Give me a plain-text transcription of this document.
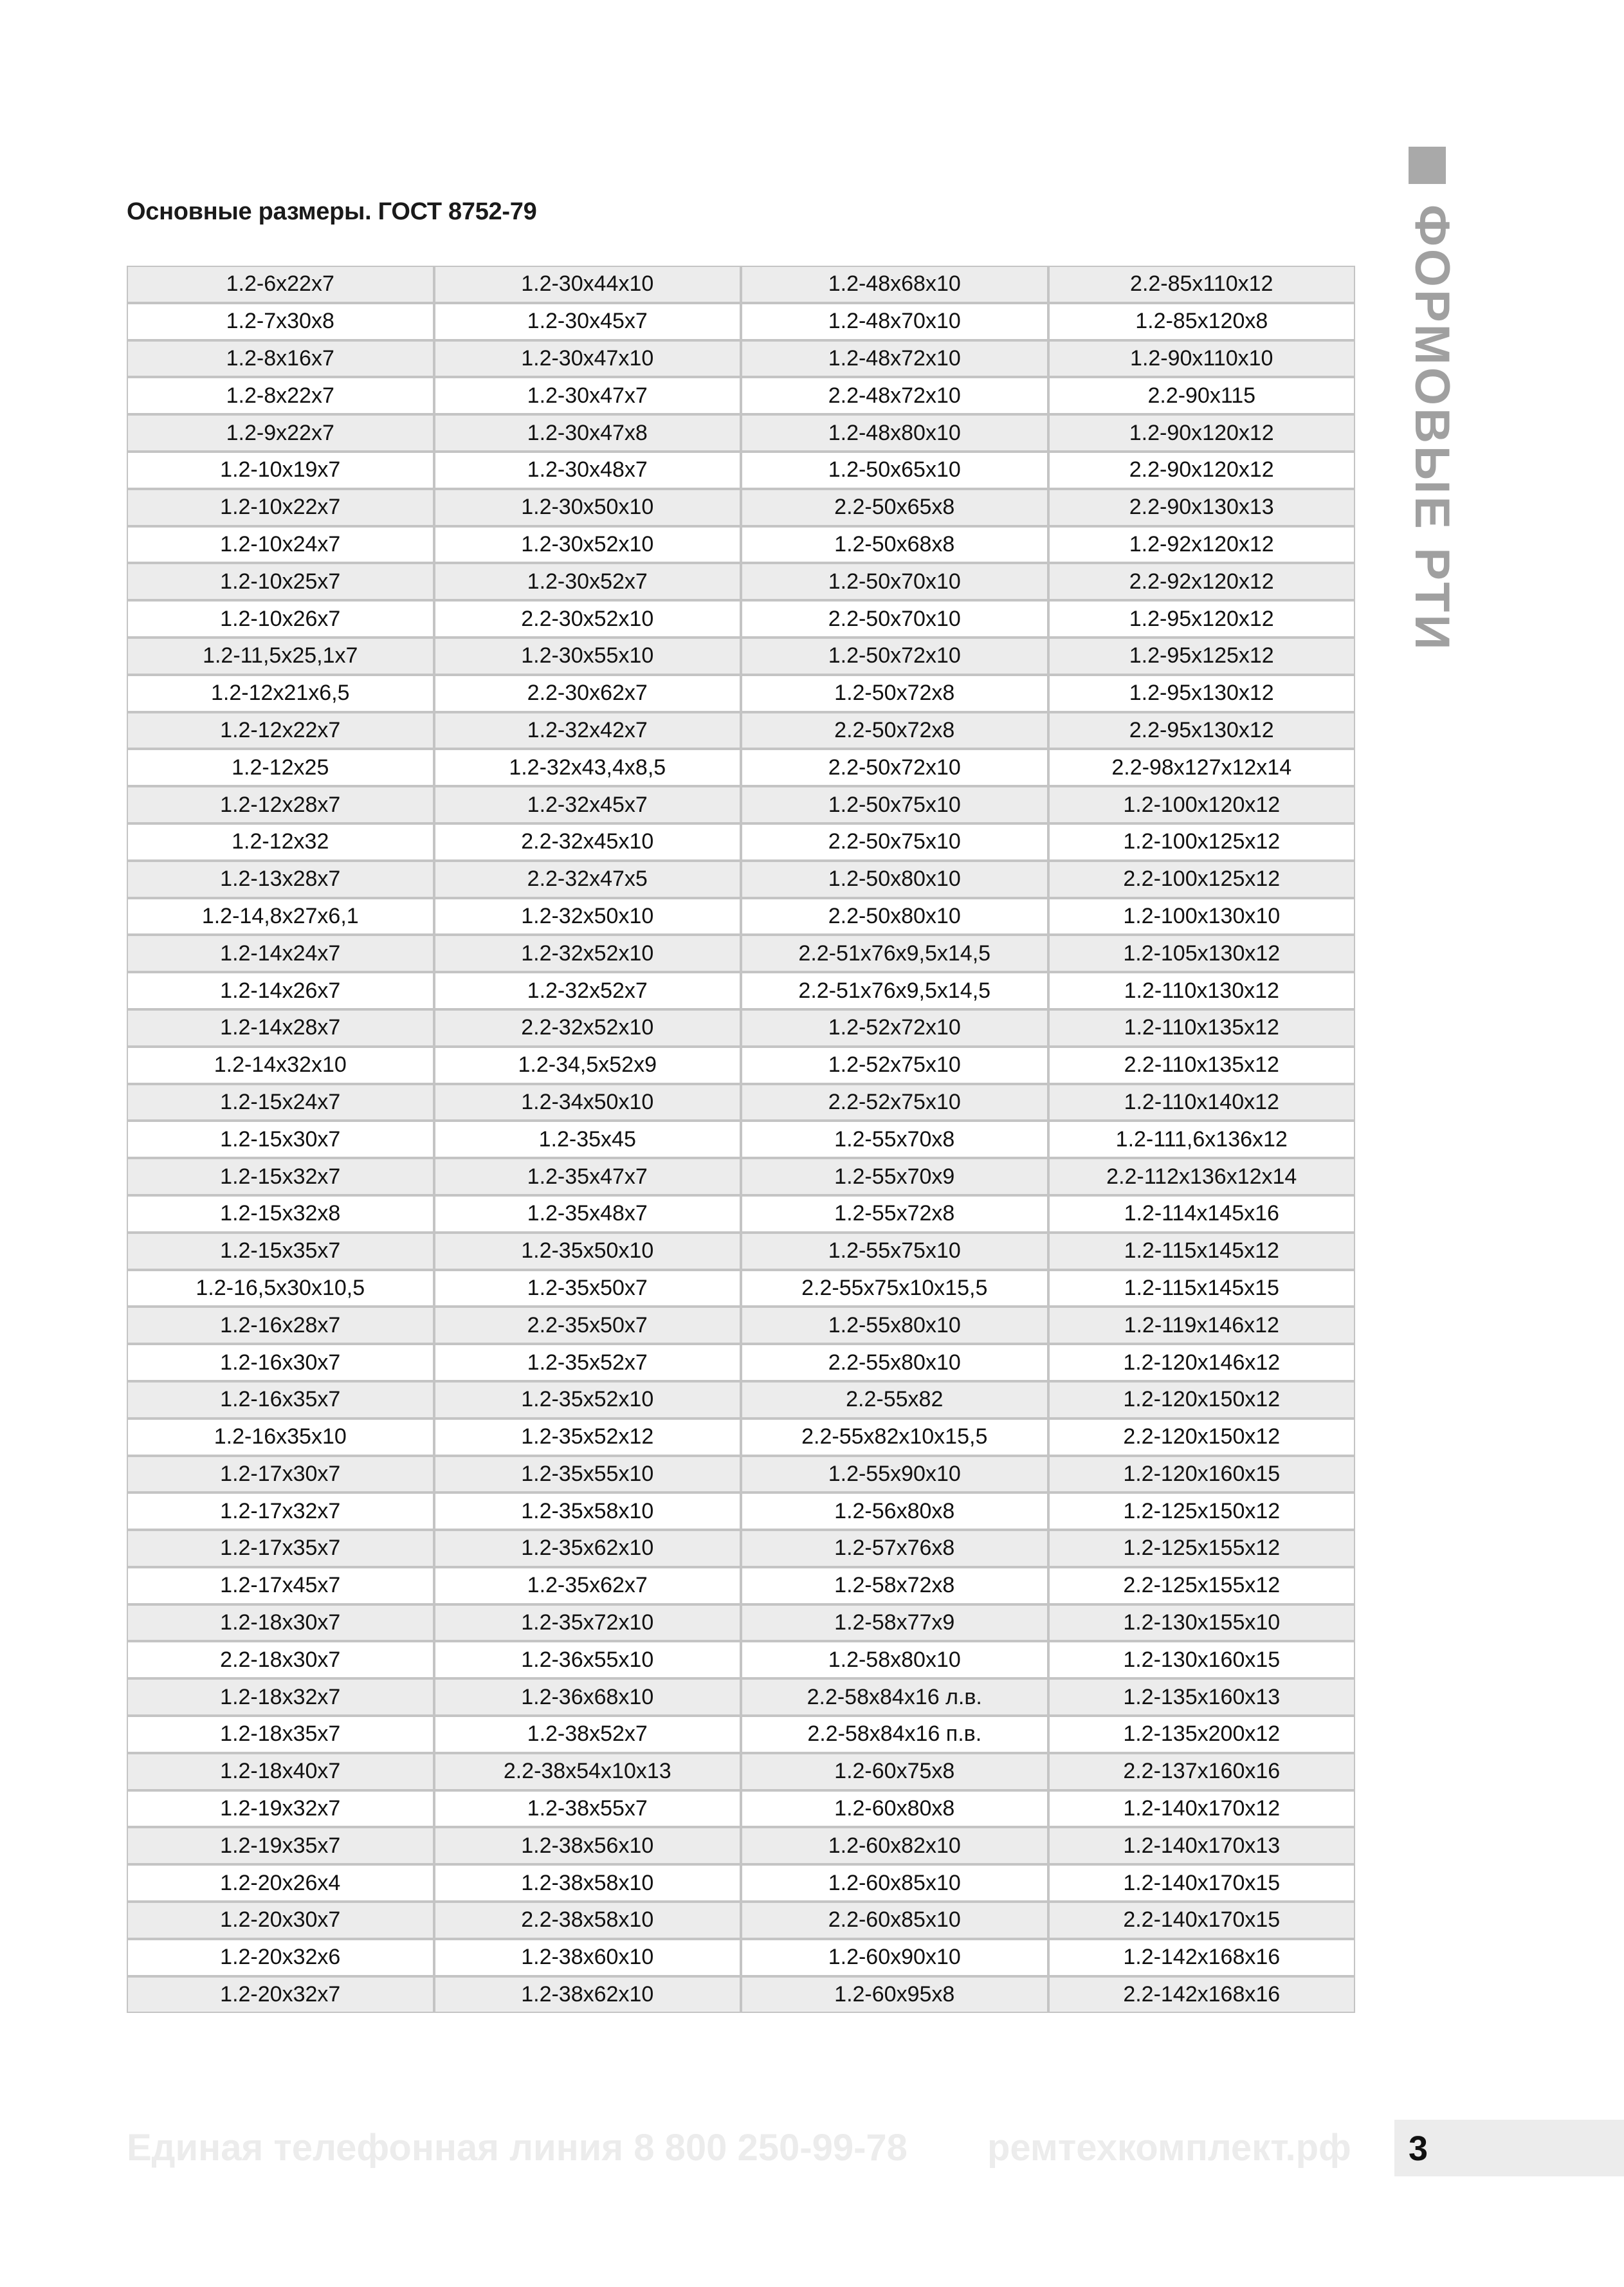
Основные размеры. ГОСТ 8752-79
1.2-6x22x7	1.2-30x44x10	1.2-48x68x10	2.2-85x110x12
1.2-7x30x8	1.2-30x45x7	1.2-48x70x10	1.2-85x120x8
1.2-8x16x7	1.2-30x47x10	1.2-48x72x10	1.2-90x110x10
1.2-8x22x7	1.2-30x47x7	2.2-48x72x10	2.2-90x115
1.2-9x22x7	1.2-30x47x8	1.2-48x80x10	1.2-90x120x12
1.2-10x19x7	1.2-30x48x7	1.2-50x65x10	2.2-90x120x12
1.2-10x22x7	1.2-30x50x10	2.2-50x65x8	2.2-90x130x13
1.2-10x24x7	1.2-30x52x10	1.2-50x68x8	1.2-92x120x12
1.2-10x25x7	1.2-30x52x7	1.2-50x70x10	2.2-92x120x12
1.2-10x26x7	2.2-30x52x10	2.2-50x70x10	1.2-95x120x12
1.2-11,5x25,1x7	1.2-30x55x10	1.2-50x72x10	1.2-95x125x12
1.2-12x21x6,5	2.2-30x62x7	1.2-50x72x8	1.2-95x130x12
1.2-12x22x7	1.2-32x42x7	2.2-50x72x8	2.2-95x130x12
1.2-12x25	1.2-32x43,4x8,5	2.2-50x72x10	2.2-98x127x12x14
1.2-12x28x7	1.2-32x45x7	1.2-50x75x10	1.2-100x120x12
1.2-12x32	2.2-32x45x10	2.2-50x75x10	1.2-100x125x12
1.2-13x28x7	2.2-32x47x5	1.2-50x80x10	2.2-100x125x12
1.2-14,8x27x6,1	1.2-32x50x10	2.2-50x80x10	1.2-100x130x10
1.2-14x24x7	1.2-32x52x10	2.2-51x76x9,5x14,5	1.2-105x130x12
1.2-14x26x7	1.2-32x52x7	2.2-51x76x9,5x14,5	1.2-110x130x12
1.2-14x28x7	2.2-32x52x10	1.2-52x72x10	1.2-110x135x12
1.2-14x32x10	1.2-34,5x52x9	1.2-52x75x10	2.2-110x135x12
1.2-15x24x7	1.2-34x50x10	2.2-52x75x10	1.2-110x140x12
1.2-15x30x7	1.2-35x45	1.2-55x70x8	1.2-111,6x136x12
1.2-15x32x7	1.2-35x47x7	1.2-55x70x9	2.2-112x136x12x14
1.2-15x32x8	1.2-35x48x7	1.2-55x72x8	1.2-114x145x16
1.2-15x35x7	1.2-35x50x10	1.2-55x75x10	1.2-115x145x12
1.2-16,5x30x10,5	1.2-35x50x7	2.2-55x75x10x15,5	1.2-115x145x15
1.2-16x28x7	2.2-35x50x7	1.2-55x80x10	1.2-119x146x12
1.2-16x30x7	1.2-35x52x7	2.2-55x80x10	1.2-120x146x12
1.2-16x35x7	1.2-35x52x10	2.2-55x82	1.2-120x150x12
1.2-16x35x10	1.2-35x52x12	2.2-55x82x10x15,5	2.2-120x150x12
1.2-17x30x7	1.2-35x55x10	1.2-55x90x10	1.2-120x160x15
1.2-17x32x7	1.2-35x58x10	1.2-56x80x8	1.2-125x150x12
1.2-17x35x7	1.2-35x62x10	1.2-57x76x8	1.2-125x155x12
1.2-17x45x7	1.2-35x62x7	1.2-58x72x8	2.2-125x155x12
1.2-18x30x7	1.2-35x72x10	1.2-58x77x9	1.2-130x155x10
2.2-18x30x7	1.2-36x55x10	1.2-58x80x10	1.2-130x160x15
1.2-18x32x7	1.2-36x68x10	2.2-58x84x16 л.в.	1.2-135x160x13
1.2-18x35x7	1.2-38x52x7	2.2-58x84x16 п.в.	1.2-135x200x12
1.2-18x40x7	2.2-38x54x10x13	1.2-60x75x8	2.2-137x160x16
1.2-19x32x7	1.2-38x55x7	1.2-60x80x8	1.2-140x170x12
1.2-19x35x7	1.2-38x56x10	1.2-60x82x10	1.2-140x170x13
1.2-20x26x4	1.2-38x58x10	1.2-60x85x10	1.2-140x170x15
1.2-20x30x7	2.2-38x58x10	2.2-60x85x10	2.2-140x170x15
1.2-20x32x6	1.2-38x60x10	1.2-60x90x10	1.2-142x168x16
1.2-20x32x7	1.2-38x62x10	1.2-60x95x8	2.2-142x168x16
ФОРМОВЫЕ РТИ
Единая телефонная линия 8 800 250-99-78 ремтехкомплект.рф 3
